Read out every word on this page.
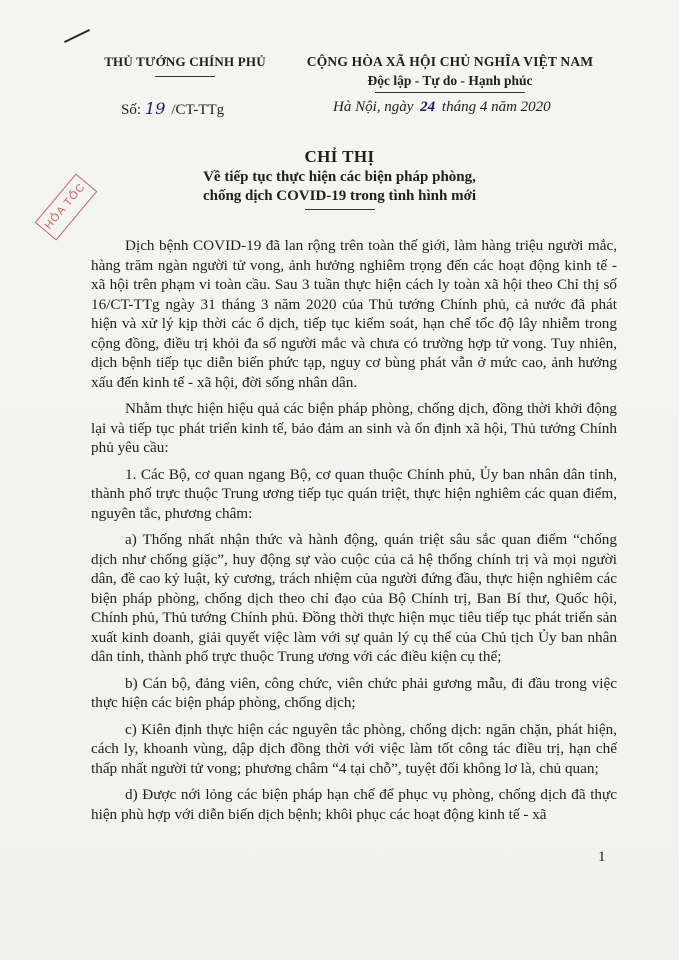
THỦ TƯỚNG CHÍNH PHỦ	CỘNG HÒA XÃ HỘI CHỦ NGHĨA VIỆT NAM
Độc lập - Tự do - Hạnh phúc
Số: 19 /CT-TTg	Hà Nội, ngày 24 tháng 4 năm 2020
HỎA TỐC
CHỈ THỊ
Về tiếp tục thực hiện các biện pháp phòng,
chống dịch COVID-19 trong tình hình mới

Dịch bệnh COVID-19 đã lan rộng trên toàn thế giới, làm hàng triệu người mắc, hàng trăm ngàn người tử vong, ảnh hưởng nghiêm trọng đến các hoạt động kinh tế - xã hội trên phạm vi toàn cầu. Sau 3 tuần thực hiện cách ly toàn xã hội theo Chỉ thị số 16/CT-TTg ngày 31 tháng 3 năm 2020 của Thủ tướng Chính phủ, cả nước đã phát hiện và xử lý kịp thời các ổ dịch, tiếp tục kiểm soát, hạn chế tốc độ lây nhiễm trong cộng đồng, điều trị khỏi đa số người mắc và chưa có trường hợp tử vong. Tuy nhiên, dịch bệnh tiếp tục diễn biến phức tạp, nguy cơ bùng phát vẫn ở mức cao, ảnh hưởng xấu đến kinh tế - xã hội, đời sống nhân dân.

Nhằm thực hiện hiệu quả các biện pháp phòng, chống dịch, đồng thời khởi động lại và tiếp tục phát triển kinh tế, bảo đảm an sinh và ổn định xã hội, Thủ tướng Chính phủ yêu cầu:

1. Các Bộ, cơ quan ngang Bộ, cơ quan thuộc Chính phủ, Ủy ban nhân dân tỉnh, thành phố trực thuộc Trung ương tiếp tục quán triệt, thực hiện nghiêm các quan điểm, nguyên tắc, phương châm:

a) Thống nhất nhận thức và hành động, quán triệt sâu sắc quan điểm “chống dịch như chống giặc”, huy động sự vào cuộc của cả hệ thống chính trị và mọi người dân, đề cao kỷ luật, kỷ cương, trách nhiệm của người đứng đầu, thực hiện nghiêm các biện pháp phòng, chống dịch theo chỉ đạo của Bộ Chính trị, Ban Bí thư, Quốc hội, Chính phủ, Thủ tướng Chính phủ. Đồng thời thực hiện mục tiêu tiếp tục phát triển sản xuất kinh doanh, giải quyết việc làm với sự quản lý cụ thể của Chủ tịch Ủy ban nhân dân tỉnh, thành phố trực thuộc Trung ương với các điều kiện cụ thể;

b) Cán bộ, đảng viên, công chức, viên chức phải gương mẫu, đi đầu trong việc thực hiện các biện pháp phòng, chống dịch;

c) Kiên định thực hiện các nguyên tắc phòng, chống dịch: ngăn chặn, phát hiện, cách ly, khoanh vùng, dập dịch đồng thời với việc làm tốt công tác điều trị, hạn chế thấp nhất người tử vong; phương châm “4 tại chỗ”, tuyệt đối không lơ là, chủ quan;

d) Được nới lỏng các biện pháp hạn chế để phục vụ phòng, chống dịch đã thực hiện phù hợp với diễn biến dịch bệnh; khôi phục các hoạt động kinh tế - xã

1
